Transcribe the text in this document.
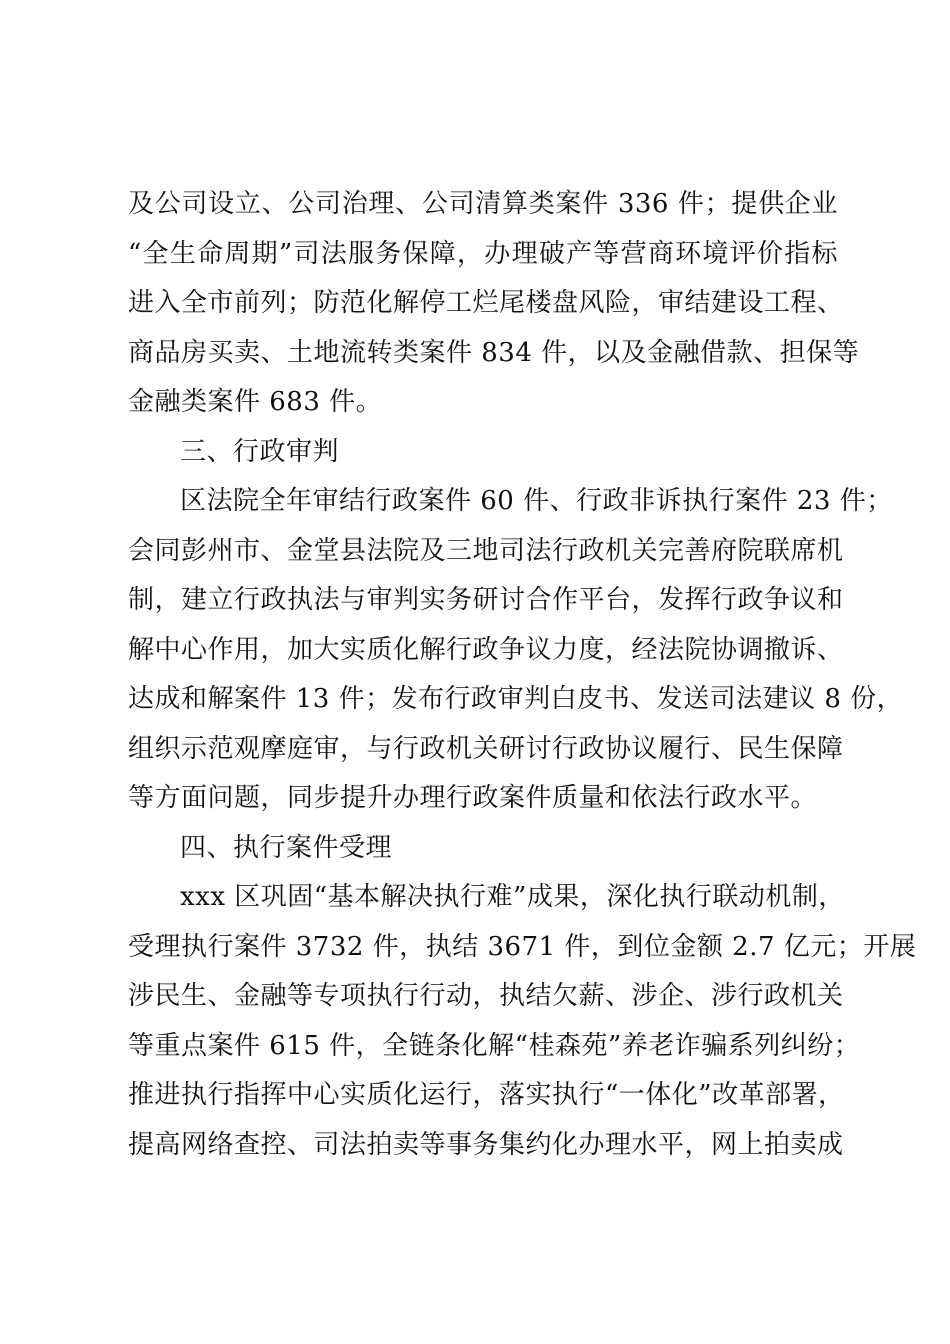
及公司设立、公司治理、公司清算类案件 336 件；提供企业
“全生命周期”司法服务保障，办理破产等营商环境评价指标
进入全市前列；防范化解停工烂尾楼盘风险，审结建设工程、
商品房买卖、土地流转类案件 834 件，以及金融借款、担保等
金融类案件 683 件。
三、行政审判
区法院全年审结行政案件 60 件、行政非诉执行案件 23 件；
会同彭州市、金堂县法院及三地司法行政机关完善府院联席机
制，建立行政执法与审判实务研讨合作平台，发挥行政争议和
解中心作用，加大实质化解行政争议力度，经法院协调撤诉、
达成和解案件 13 件；发布行政审判白皮书、发送司法建议 8 份，
组织示范观摩庭审，与行政机关研讨行政协议履行、民生保障
等方面问题，同步提升办理行政案件质量和依法行政水平。
四、执行案件受理
xxx 区巩固“基本解决执行难”成果，深化执行联动机制，
受理执行案件 3732 件，执结 3671 件，到位金额 2.7 亿元；开展
涉民生、金融等专项执行行动，执结欠薪、涉企、涉行政机关
等重点案件 615 件，全链条化解“桂森苑”养老诈骗系列纠纷；
推进执行指挥中心实质化运行，落实执行“一体化”改革部署，
提高网络查控、司法拍卖等事务集约化办理水平，网上拍卖成
